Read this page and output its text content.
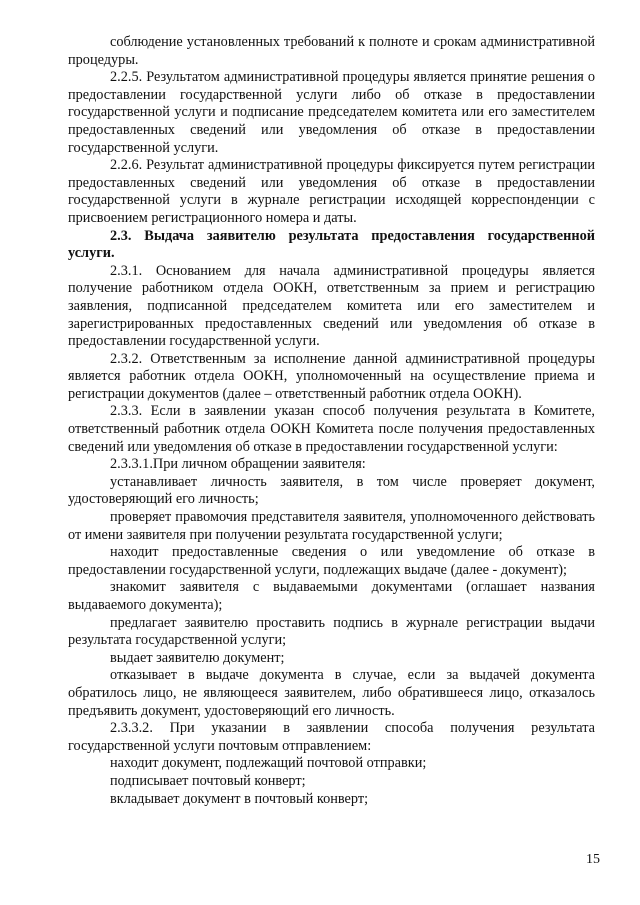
соблюдение установленных требований к полноте и срокам административной процедуры.

2.2.5. Результатом административной процедуры является принятие решения о предоставлении государственной услуги либо об отказе в предоставлении государственной услуги и подписание председателем комитета или его заместителем предоставленных сведений или уведомления об отказе в предоставлении государственной услуги.

2.2.6. Результат административной процедуры фиксируется путем регистрации предоставленных сведений или уведомления об отказе в предоставлении государственной услуги в журнале регистрации исходящей корреспонденции с присвоением регистрационного номера и даты.

2.3. Выдача заявителю результата предоставления государственной услуги.

2.3.1. Основанием для начала административной процедуры является получение работником отдела ООКН, ответственным за прием и регистрацию заявления, подписанной председателем комитета или его заместителем и зарегистрированных предоставленных сведений или уведомления об отказе в предоставлении государственной услуги.

2.3.2. Ответственным за исполнение данной административной процедуры является работник отдела ООКН, уполномоченный на осуществление приема и регистрации документов (далее – ответственный работник отдела ООКН).

2.3.3. Если в заявлении указан способ получения результата в Комитете, ответственный работник отдела ООКН Комитета после получения предоставленных сведений или уведомления об отказе в предоставлении государственной услуги:

2.3.3.1.При личном обращении заявителя:

устанавливает личность заявителя, в том числе проверяет документ, удостоверяющий его личность;

проверяет правомочия представителя заявителя, уполномоченного действовать от имени заявителя при получении результата государственной услуги;

находит предоставленные сведения о или уведомление об отказе в предоставлении государственной услуги, подлежащих выдаче (далее - документ);

знакомит заявителя с выдаваемыми документами (оглашает названия выдаваемого документа);

предлагает заявителю проставить подпись в журнале регистрации выдачи результата государственной услуги;

выдает заявителю документ;

отказывает в выдаче документа в случае, если за выдачей документа обратилось лицо, не являющееся заявителем, либо обратившееся лицо, отказалось предъявить документ, удостоверяющий его личность.

2.3.3.2. При указании в заявлении способа получения результата государственной услуги почтовым отправлением:

находит документ, подлежащий почтовой отправки;

подписывает почтовый конверт;

вкладывает документ в почтовый конверт;

15
